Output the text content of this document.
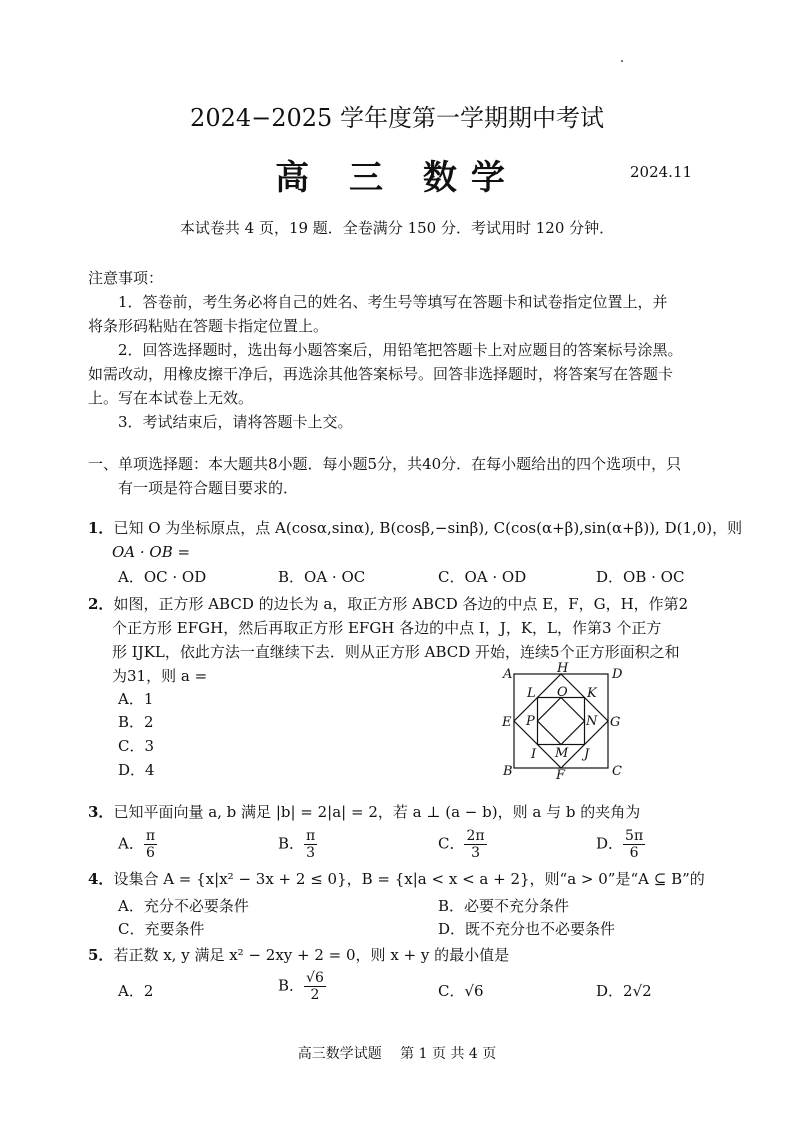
2024−2025 学年度第一学期期中考试
高 三 数学	2024.11
本试卷共 4 页，19 题．全卷满分 150 分．考试用时 120 分钟．
注意事项：
1．答卷前，考生务必将自己的姓名、考生号等填写在答题卡和试卷指定位置上，并
将条形码粘贴在答题卡指定位置上。
2．回答选择题时，选出每小题答案后，用铅笔把答题卡上对应题目的答案标号涂黑。
如需改动，用橡皮擦干净后，再选涂其他答案标号。回答非选择题时，将答案写在答题卡
上。写在本试卷上无效。
3．考试结束后，请将答题卡上交。
一、单项选择题：本大题共8小题．每小题5分，共40分．在每小题给出的四个选项中，只
有一项是符合题目要求的．
1．已知 O 为坐标原点，点 A(cosα,sinα), B(cosβ,−sinβ), C(cos(α+β),sin(α+β)), D(1,0)，则
OA · OB =
A．OC · OD	B．OA · OC	C．OA · OD	D．OB · OC
2．如图，正方形 ABCD 的边长为 a，取正方形 ABCD 各边的中点 E，F，G，H，作第2
个正方形 EFGH，然后再取正方形 EFGH 各边的中点 I，J，K，L，作第3 个正方
形 IJKL，依此方法一直继续下去．则从正方形 ABCD 开始，连续5个正方形面积之和
为31，则 a =
A．1
B．2
C．3
D．4
A	H	D
L O K
E P	N G
I M J
B	F	C
3．已知平面向量 a, b 满足 |b| = 2|a| = 2，若 a ⊥ (a − b)，则 a 与 b 的夹角为
A． $\frac{\pi}{6}$	B． $\frac{\pi}{3}$	C． $\frac{2\pi}{3}$	D． $\frac{5\pi}{6}$
4．设集合 A = {x|x² − 3x + 2 ≤ 0}，B = {x|a < x < a + 2}，则“a > 0”是“A ⊆ B”的
A．充分不必要条件	B．必要不充分条件
C．充要条件	D．既不充分也不必要条件
5．若正数 x, y 满足 x² − 2xy + 2 = 0，则 x + y 的最小值是
A．2	B． $\frac{√6}{2}$	C．√6	D．2√2
高三数学试题　 第 1 页 共 4 页
